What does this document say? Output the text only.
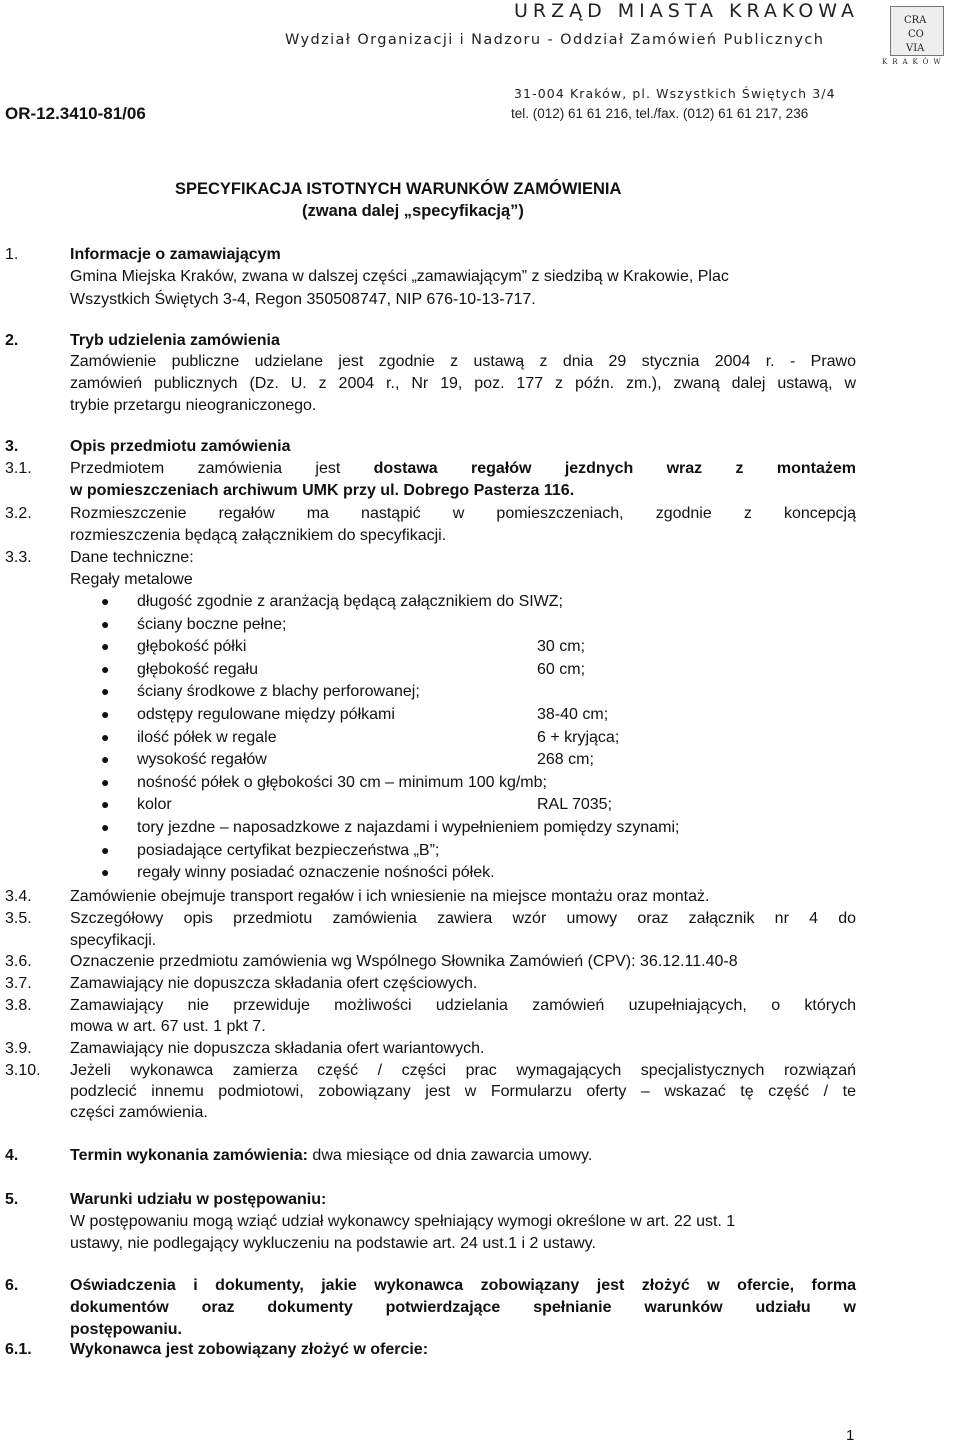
URZĄD MIASTA KRAKOWA
Wydział Organizacji i Nadzoru - Oddział Zamówień Publicznych
31-004 Kraków, pl. Wszystkich Świętych 3/4
tel. (012) 61 61 216, tel./fax. (012) 61 61 217, 236
OR-12.3410-81/06
CRA
CO
VIA
KRAKÓW
SPECYFIKACJA ISTOTNYCH WARUNKÓW ZAMÓWIENIA
(zwana dalej „specyfikacją”)
1.	Informacje o zamawiającym
Gmina Miejska Kraków, zwana w dalszej części „zamawiającym” z siedzibą w Krakowie, Plac
Wszystkich Świętych 3-4, Regon 350508747, NIP 676-10-13-717.
2.	Tryb udzielenia zamówienia
Zamówienie publiczne udzielane jest zgodnie z ustawą z dnia 29 stycznia 2004 r. - Prawo
zamówień publicznych (Dz. U. z 2004 r., Nr 19, poz. 177 z późn. zm.), zwaną dalej ustawą, w
trybie przetargu nieograniczonego.
3.	Opis przedmiotu zamówienia
3.1. Przedmiotem zamówienia jest dostawa regałów jezdnych wraz z montażem
w pomieszczeniach archiwum UMK przy ul. Dobrego Pasterza 116.
3.2. Rozmieszczenie regałów ma nastąpić w pomieszczeniach, zgodnie z koncepcją
rozmieszczenia będącą załącznikiem do specyfikacji.
3.3. Dane techniczne:
Regały metalowe
● długość zgodnie z aranżacją będącą załącznikiem do SIWZ;
● ściany boczne pełne;
● głębokość półki	30 cm;
● głębokość regału	60 cm;
● ściany środkowe z blachy perforowanej;
● odstępy regulowane między półkami	38-40 cm;
● ilość półek w regale	6 + kryjąca;
● wysokość regałów	268 cm;
● nośność półek o głębokości 30 cm – minimum 100 kg/mb;
● kolor	RAL 7035;
● tory jezdne – naposadzkowe z najazdami i wypełnieniem pomiędzy szynami;
● posiadające certyfikat bezpieczeństwa „B”;
● regały winny posiadać oznaczenie nośności półek.
3.4. Zamówienie obejmuje transport regałów i ich wniesienie na miejsce montażu oraz montaż.
3.5. Szczegółowy opis przedmiotu zamówienia zawiera wzór umowy oraz załącznik nr 4 do
specyfikacji.
3.6. Oznaczenie przedmiotu zamówienia wg Wspólnego Słownika Zamówień (CPV): 36.12.11.40-8
3.7. Zamawiający nie dopuszcza składania ofert częściowych.
3.8. Zamawiający nie przewiduje możliwości udzielania zamówień uzupełniających, o których
mowa w art. 67 ust. 1 pkt 7.
3.9. Zamawiający nie dopuszcza składania ofert wariantowych.
3.10. Jeżeli wykonawca zamierza część / części prac wymagających specjalistycznych rozwiązań
podzlecić innemu podmiotowi, zobowiązany jest w Formularzu oferty – wskazać tę część / te
części zamówienia.
4.	Termin wykonania zamówienia: dwa miesiące od dnia zawarcia umowy.
5.	Warunki udziału w postępowaniu:
W postępowaniu mogą wziąć udział wykonawcy spełniający wymogi określone w art. 22 ust. 1
ustawy, nie podlegający wykluczeniu na podstawie art. 24 ust.1 i 2 ustawy.
6.	Oświadczenia i dokumenty, jakie wykonawca zobowiązany jest złożyć w ofercie, forma
dokumentów oraz dokumenty potwierdzające spełnianie warunków udziału w
postępowaniu.
6.1. Wykonawca jest zobowiązany złożyć w ofercie:
1
